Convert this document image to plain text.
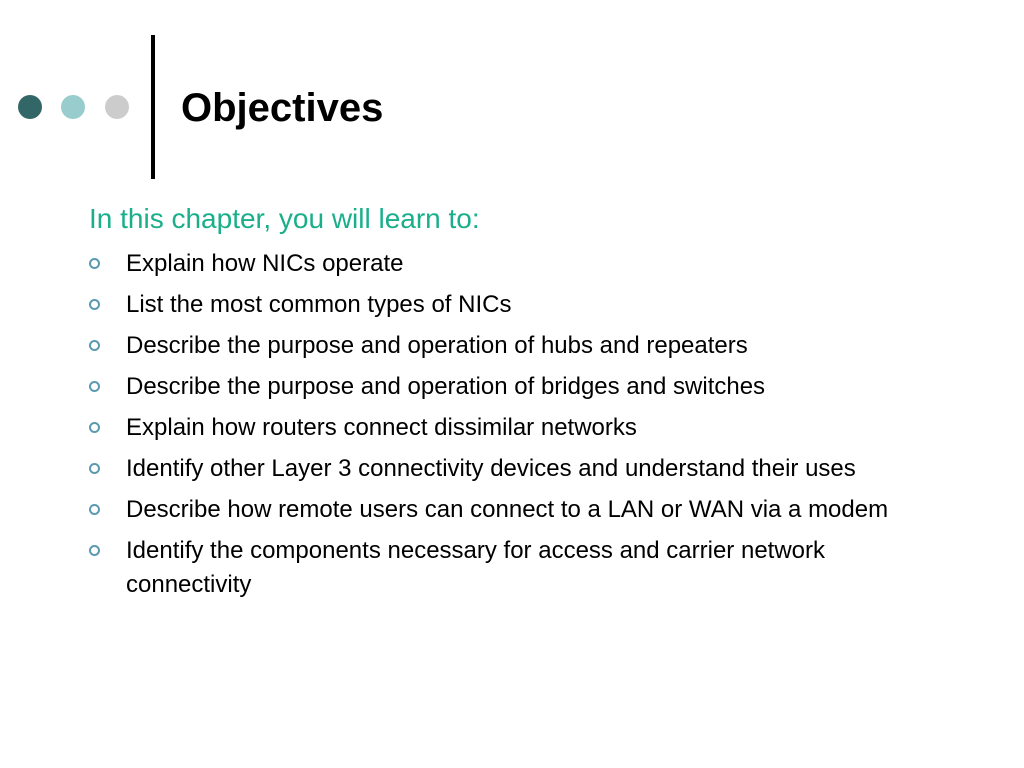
Objectives
In this chapter, you will learn to:
Explain how NICs operate
List the most common types of NICs
Describe the purpose and operation of hubs and repeaters
Describe the purpose and operation of bridges and switches
Explain how routers connect dissimilar networks
Identify other Layer 3 connectivity devices and understand their uses
Describe how remote users can connect to a LAN or WAN via a modem
Identify the components necessary for access and carrier network connectivity
